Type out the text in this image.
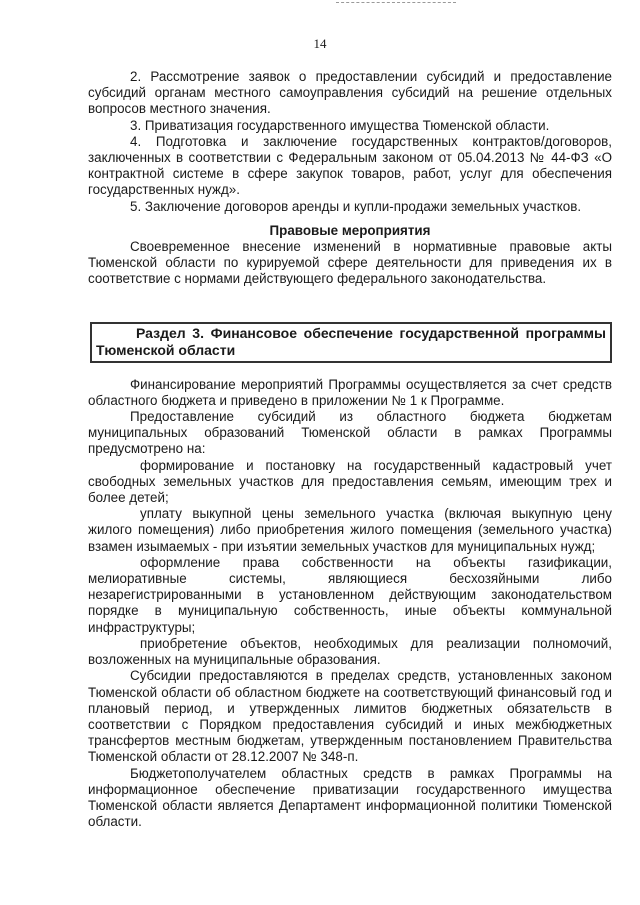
14

2. Рассмотрение заявок о предоставлении субсидий и предоставление субсидий органам местного самоуправления субсидий на решение отдельных вопросов местного значения.

3. Приватизация государственного имущества Тюменской области.

4. Подготовка и заключение государственных контрактов/договоров, заключенных в соответствии с Федеральным законом от 05.04.2013 № 44-ФЗ «О контрактной системе в сфере закупок товаров, работ, услуг для обеспечения государственных нужд».

5. Заключение договоров аренды и купли-продажи земельных участков.

Правовые мероприятия

Своевременное внесение изменений в нормативные правовые акты Тюменской области по курируемой сфере деятельности для приведения их в соответствие с нормами действующего федерального законодательства.

Раздел 3. Финансовое обеспечение государственной программы Тюменской области

Финансирование мероприятий Программы осуществляется за счет средств областного бюджета и приведено в приложении № 1 к Программе.

Предоставление субсидий из областного бюджета бюджетам муниципальных образований Тюменской области в рамках Программы предусмотрено на:

формирование и постановку на государственный кадастровый учет свободных земельных участков для предоставления семьям, имеющим трех и более детей;

уплату выкупной цены земельного участка (включая выкупную цену жилого помещения) либо приобретения жилого помещения (земельного участка) взамен изымаемых - при изъятии земельных участков для муниципальных нужд;

оформление права собственности на объекты газификации, мелиоративные системы, являющиеся бесхозяйными либо незарегистрированными в установленном действующим законодательством порядке в муниципальную собственность, иные объекты коммунальной инфраструктуры;

приобретение объектов, необходимых для реализации полномочий, возложенных на муниципальные образования.

Субсидии предоставляются в пределах средств, установленных законом Тюменской области об областном бюджете на соответствующий финансовый год и плановый период, и утвержденных лимитов бюджетных обязательств в соответствии с Порядком предоставления субсидий и иных межбюджетных трансфертов местным бюджетам, утвержденным постановлением Правительства Тюменской области от 28.12.2007 № 348-п.

Бюджетополучателем областных средств в рамках Программы на информационное обеспечение приватизации государственного имущества Тюменской области является Департамент информационной политики Тюменской области.
